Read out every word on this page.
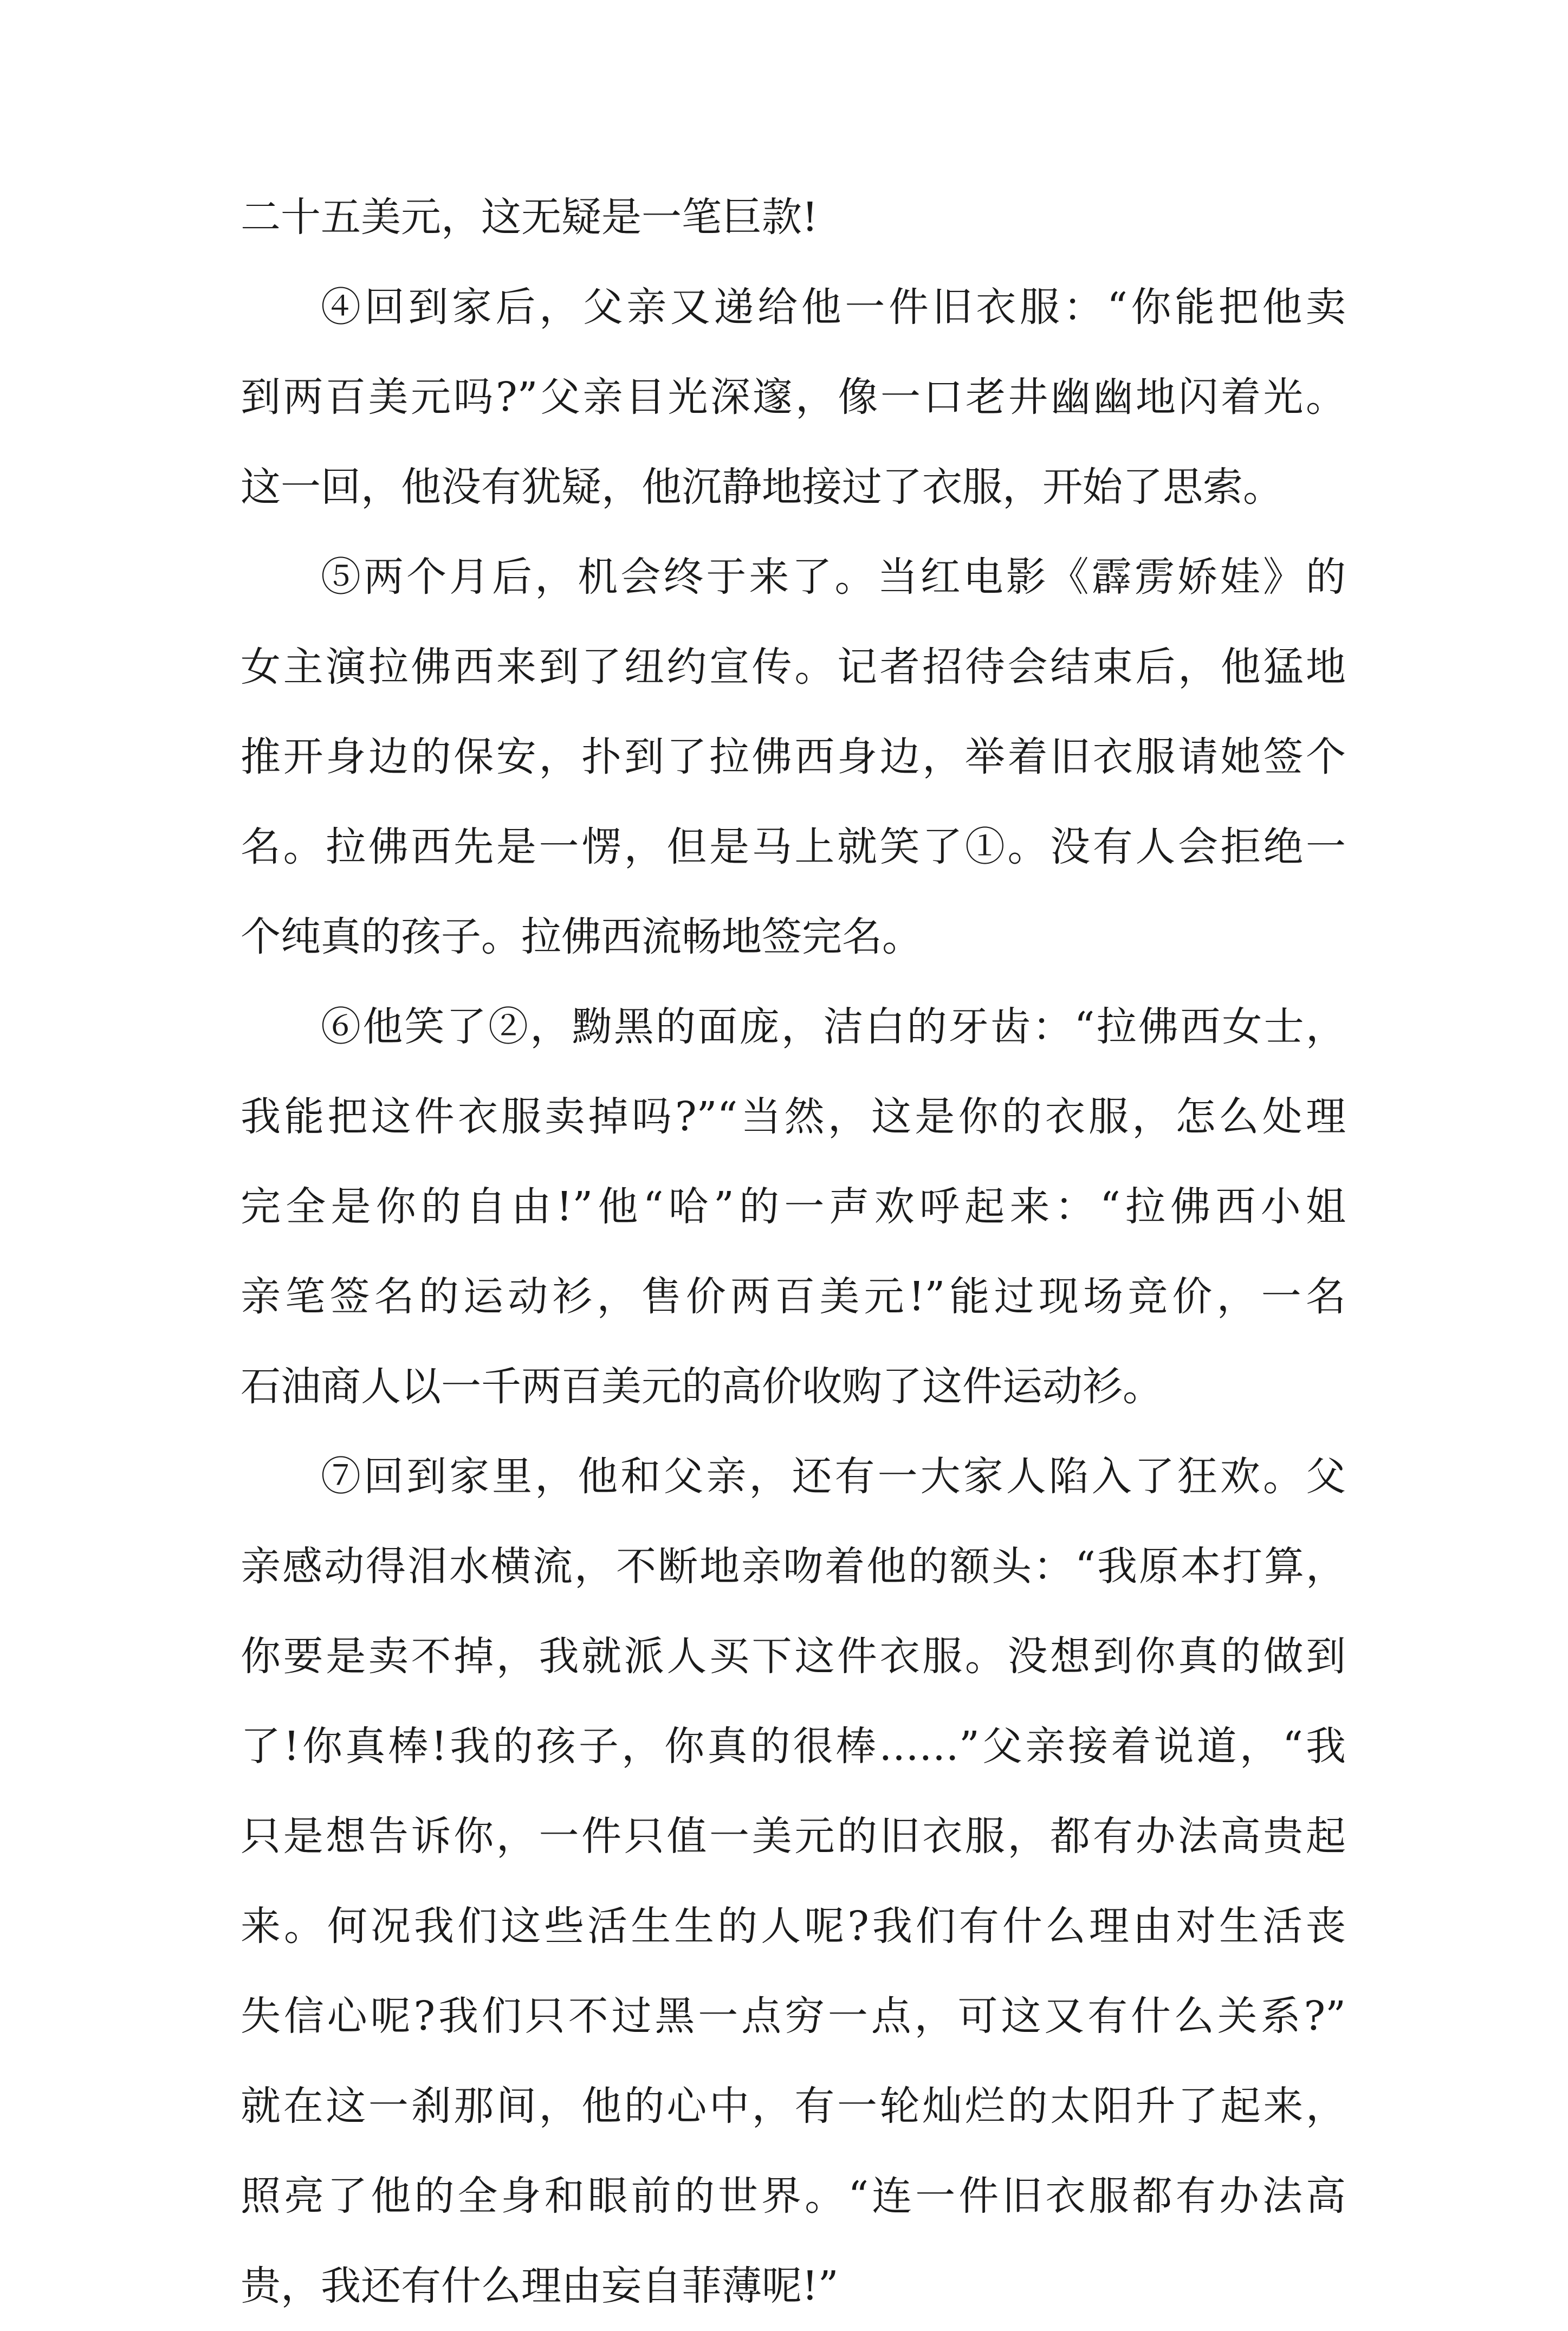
二十五美元，这无疑是一笔巨款!
④回到家后，父亲又递给他一件旧衣服：“你能把他卖
到两百美元吗?”父亲目光深邃，像一口老井幽幽地闪着光。
这一回，他没有犹疑，他沉静地接过了衣服，开始了思索。
⑤两个月后，机会终于来了。当红电影《霹雳娇娃》的
女主演拉佛西来到了纽约宣传。记者招待会结束后，他猛地
推开身边的保安，扑到了拉佛西身边，举着旧衣服请她签个
名。拉佛西先是一愣，但是马上就笑了①。没有人会拒绝一
个纯真的孩子。拉佛西流畅地签完名。
⑥他笑了②，黝黑的面庞，洁白的牙齿：“拉佛西女士，
我能把这件衣服卖掉吗?”“当然，这是你的衣服，怎么处理
完全是你的自由!”他“哈”的一声欢呼起来：“拉佛西小姐
亲笔签名的运动衫，售价两百美元!”能过现场竞价，一名
石油商人以一千两百美元的高价收购了这件运动衫。
⑦回到家里，他和父亲，还有一大家人陷入了狂欢。父
亲感动得泪水横流，不断地亲吻着他的额头：“我原本打算，
你要是卖不掉，我就派人买下这件衣服。没想到你真的做到
了!你真棒!我的孩子，你真的很棒……”父亲接着说道，“我
只是想告诉你，一件只值一美元的旧衣服，都有办法高贵起
来。何况我们这些活生生的人呢?我们有什么理由对生活丧
失信心呢?我们只不过黑一点穷一点，可这又有什么关系?”
就在这一刹那间，他的心中，有一轮灿烂的太阳升了起来，
照亮了他的全身和眼前的世界。“连一件旧衣服都有办法高
贵，我还有什么理由妄自菲薄呢!”
